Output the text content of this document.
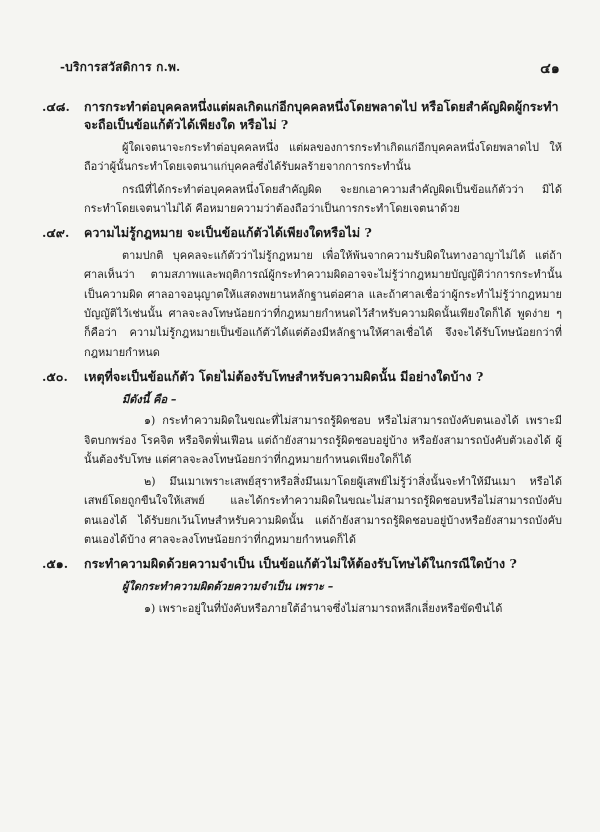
-บริการสวัสดิการ ก.พ.	๔๑
.๔๘.	การกระทำต่อบุคคลหนึ่งแต่ผลเกิดแก่อีกบุคคลหนึ่งโดยพลาดไป หรือโดยสำคัญผิดผู้กระทำจะถือเป็นข้อแก้ตัวได้เพียงใด หรือไม่ ?

ผู้ใดเจตนาจะกระทำต่อบุคคลหนึ่ง แต่ผลของการกระทำเกิดแก่อีกบุคคลหนึ่งโดยพลาดไป ให้ถือว่าผู้นั้นกระทำโดยเจตนาแก่บุคคลซึ่งได้รับผลร้ายจากการกระทำนั้น

กรณีที่ได้กระทำต่อบุคคลหนึ่งโดยสำคัญผิด จะยกเอาความสำคัญผิดเป็นข้อแก้ตัวว่า มิได้กระทำโดยเจตนาไม่ได้ คือหมายความว่าต้องถือว่าเป็นการกระทำโดยเจตนาด้วย

.๔๙.	ความไม่รู้กฎหมาย จะเป็นข้อแก้ตัวได้เพียงใดหรือไม่ ?

ตามปกติ บุคคลจะแก้ตัวว่าไม่รู้กฎหมาย เพื่อให้พ้นจากความรับผิดในทางอาญาไม่ได้ แต่ถ้าศาลเห็นว่า ตามสภาพและพฤติการณ์ผู้กระทำความผิดอาจจะไม่รู้ว่ากฎหมายบัญญัติว่าการกระทำนั้นเป็นความผิด ศาลอาจอนุญาตให้แสดงพยานหลักฐานต่อศาล และถ้าศาลเชื่อว่าผู้กระทำไม่รู้ว่ากฎหมายบัญญัติไว้เช่นนั้น ศาลจะลงโทษน้อยกว่าที่กฎหมายกำหนดไว้สำหรับความผิดนั้นเพียงใดก็ได้ พูดง่าย ๆ ก็คือว่า ความไม่รู้กฎหมายเป็นข้อแก้ตัวได้แต่ต้องมีหลักฐานให้ศาลเชื่อได้ จึงจะได้รับโทษน้อยกว่าที่กฎหมายกำหนด

.๕๐.	เหตุที่จะเป็นข้อแก้ตัว โดยไม่ต้องรับโทษสำหรับความผิดนั้น มีอย่างใดบ้าง ?
มีดังนี้ คือ –

๑) กระทำความผิดในขณะที่ไม่สามารถรู้ผิดชอบ หรือไม่สามารถบังคับตนเองได้ เพราะมีจิตบกพร่อง โรคจิต หรือจิตฟั่นเฟือน แต่ถ้ายังสามารถรู้ผิดชอบอยู่บ้าง หรือยังสามารถบังคับตัวเองได้ ผู้นั้นต้องรับโทษ แต่ศาลจะลงโทษน้อยกว่าที่กฎหมายกำหนดเพียงใดก็ได้

๒) มึนเมาเพราะเสพย์สุราหรือสิ่งมึนเมาโดยผู้เสพย์ไม่รู้ว่าสิ่งนั้นจะทำให้มึนเมา หรือได้เสพย์โดยถูกขืนใจให้เสพย์ และได้กระทำความผิดในขณะไม่สามารถรู้ผิดชอบหรือไม่สามารถบังคับตนเองได้ ได้รับยกเว้นโทษสำหรับความผิดนั้น แต่ถ้ายังสามารถรู้ผิดชอบอยู่บ้างหรือยังสามารถบังคับตนเองได้บ้าง ศาลจะลงโทษน้อยกว่าที่กฎหมายกำหนดก็ได้

.๕๑.	กระทำความผิดด้วยความจำเป็น เป็นข้อแก้ตัวไม่ให้ต้องรับโทษได้ในกรณีใดบ้าง ?
ผู้ใดกระทำความผิดด้วยความจำเป็น เพราะ –

๑) เพราะอยู่ในที่บังคับหรือภายใต้อำนาจซึ่งไม่สามารถหลีกเลี่ยงหรือขัดขืนได้
